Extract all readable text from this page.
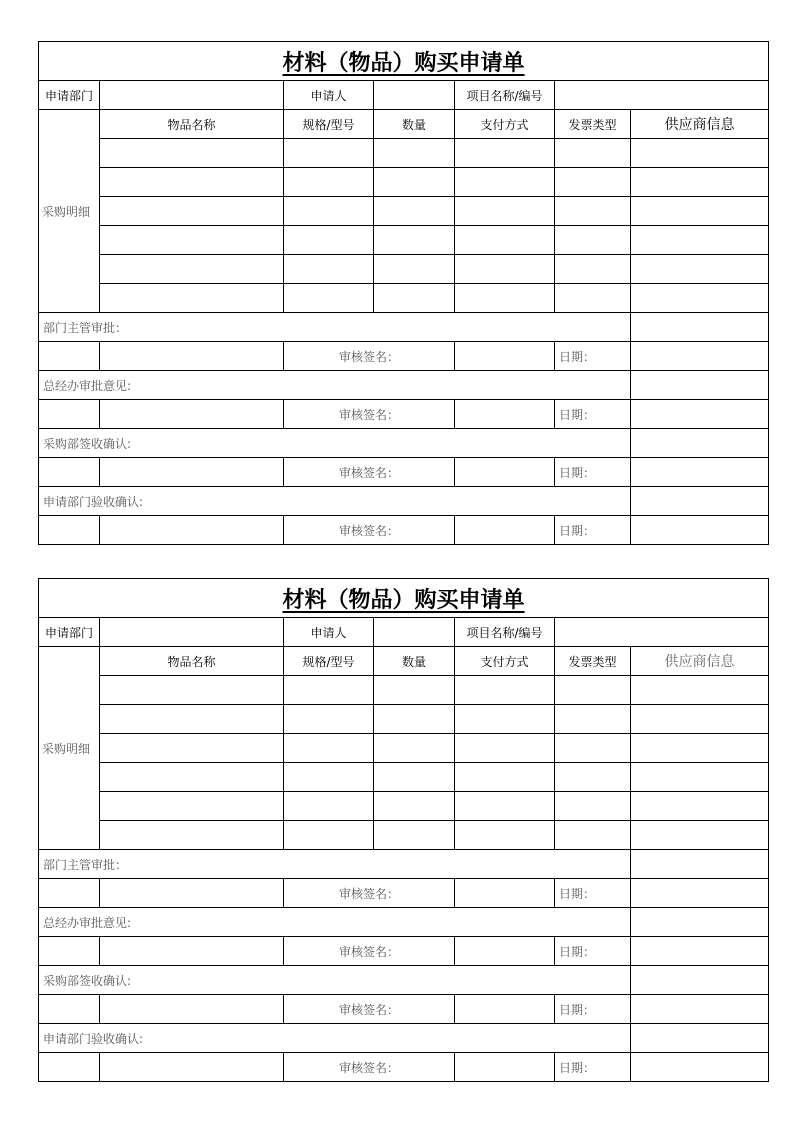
材料（物品）购买申请单						
申请部门		申请人		项目名称/编号		
采购明细	物品名称	规格/型号	数量	支付方式	发票类型	供应商信息

部门主管审批：						
		审核签名：			日期：	
总经办审批意见:						
		审核签名：			日期：	
采购部签收确认:						
		审核签名：			日期：	
申请部门验收确认:						
		审核签名：			日期：	
材料（物品）购买申请单						
申请部门		申请人		项目名称/编号		
采购明细	物品名称	规格/型号	数量	支付方式	发票类型	供应商信息

部门主管审批：						
		审核签名：			日期：	
总经办审批意见:						
		审核签名：			日期：	
采购部签收确认:						
		审核签名：			日期：	
申请部门验收确认:						
		审核签名：			日期：	
